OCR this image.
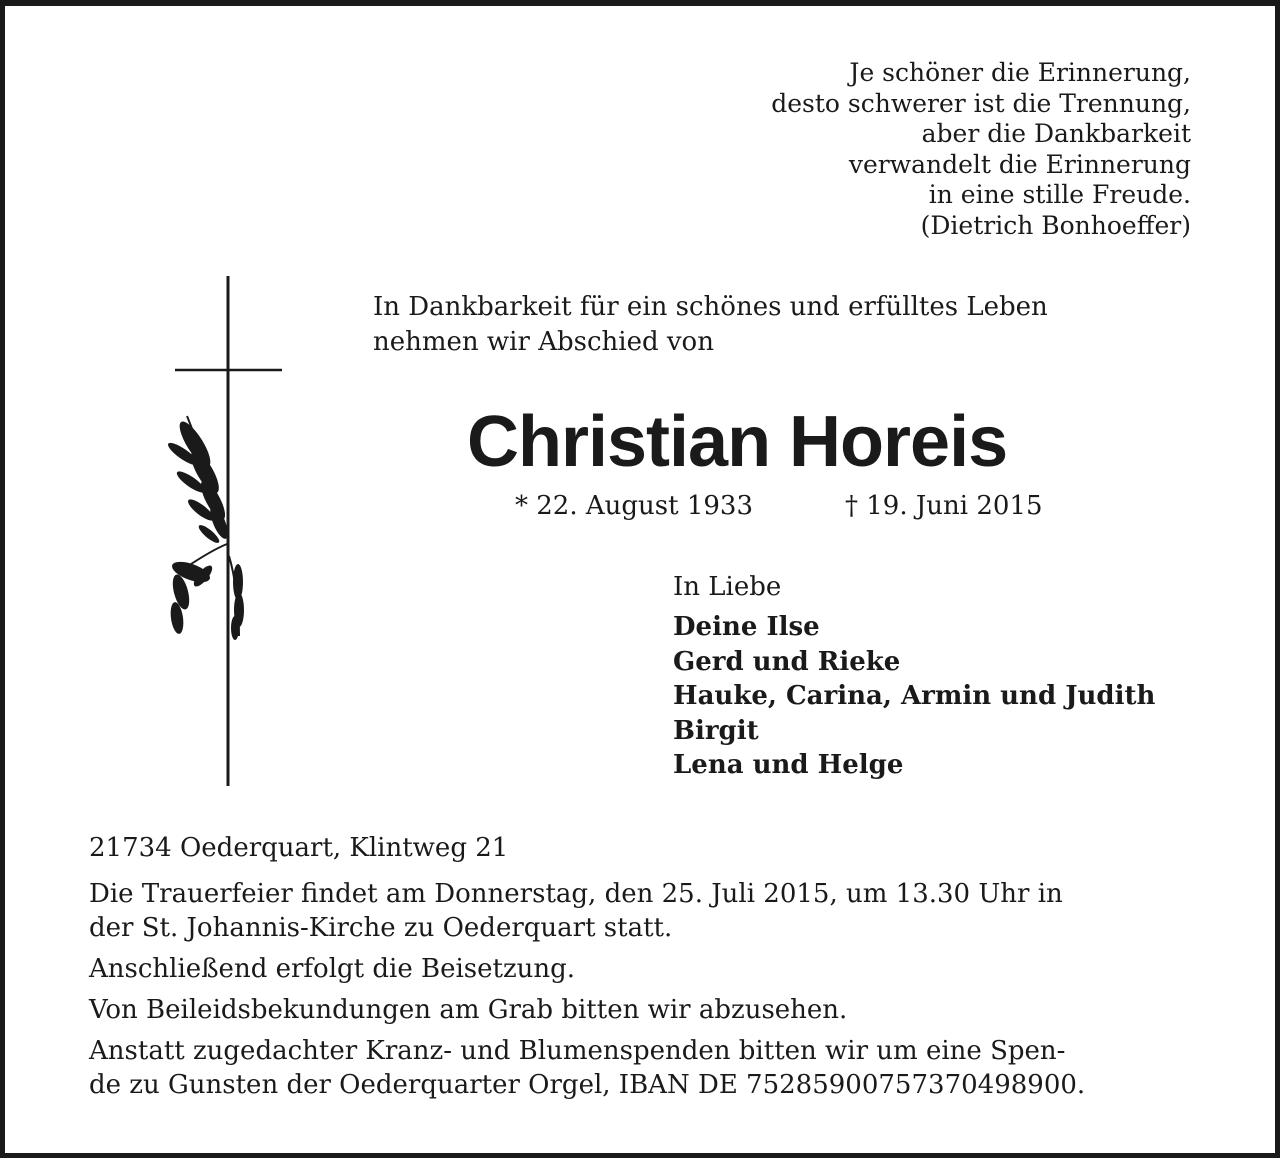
Je schöner die Erinnerung,
desto schwerer ist die Trennung,
aber die Dankbarkeit
verwandelt die Erinnerung
in eine stille Freude.
(Dietrich Bonhoeffer)
In Dankbarkeit für ein schönes und erfülltes Leben
nehmen wir Abschied von
Christian Horeis
* 22. August 1933	† 19. Juni 2015
In Liebe
Deine Ilse
Gerd und Rieke
Hauke, Carina, Armin und Judith
Birgit
Lena und Helge
21734 Oederquart, Klintweg 21

Die Trauerfeier findet am Donnerstag, den 25. Juli 2015, um 13.30 Uhr in
der St. Johannis-Kirche zu Oederquart statt.

Anschließend erfolgt die Beisetzung.

Von Beileidsbekundungen am Grab bitten wir abzusehen.

Anstatt zugedachter Kranz- und Blumenspenden bitten wir um eine Spen-
de zu Gunsten der Oederquarter Orgel, IBAN DE 75285900757370498900.
